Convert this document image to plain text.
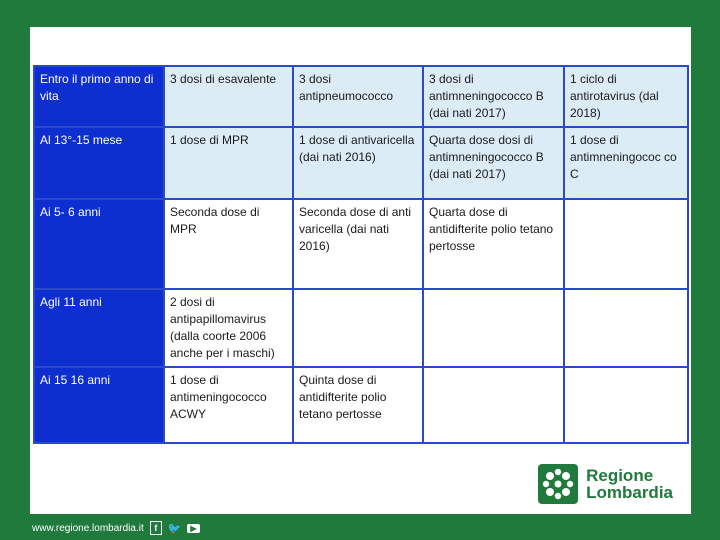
Entro il primo anno di vita	3 dosi di esavalente	3 dosi antipneumococco	3 dosi di antimneningococco B (dai nati 2017)	1 ciclo di antirotavirus (dal 2018)
Al 13°-15 mese	1 dose di MPR	1 dose di antivaricella (dai nati 2016)	Quarta dose dosi di antimneningococco B (dai nati 2017)	1 dose di antimneningococ co C
Ai 5- 6 anni	Seconda dose di MPR	Seconda dose di anti varicella (dai nati 2016)	Quarta dose di antidifterite polio tetano pertosse	
Agli 11 anni	2 dosi di antipapillomavirus (dalla coorte 2006 anche per i maschi)			
Ai 15 16 anni	1 dose di antimeningococco ACWY	Quinta dose di antidifterite polio tetano pertosse		
Regione
Lombardia
www.regione.lombardia.it	f 🐦	▶
